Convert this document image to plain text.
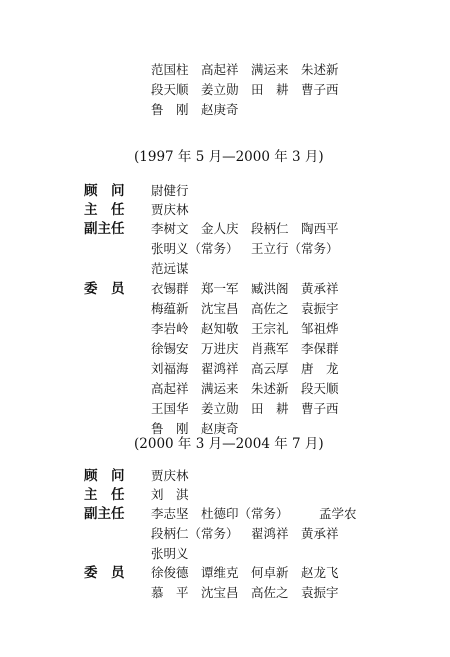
范国柱 高起祥 满运来 朱述新
段天顺 姜立勋 田　耕 曹子西
鲁　刚 赵庚奇
(1997 年 5 月—2000 年 3 月)
顾　问 尉健行
主　任 贾庆林
副主任 李树文 金人庆 段柄仁 陶西平
张明义（常务） 王立行（常务）
范远谋
委　员 衣锡群 郑一军 臧洪阁 黄承祥
梅蕴新 沈宝昌 高佐之 袁振宇
李岩岭 赵知敬 王宗礼 邹祖烨
徐锡安 万进庆 肖燕军 李保群
刘福海 翟鸿祥 高云厚 唐　龙
高起祥 满运来 朱述新 段天顺
王国华 姜立勋 田　耕 曹子西
鲁　刚 赵庚奇
(2000 年 3 月—2004 年 7 月)
顾　问 贾庆林
主　任 刘　淇
副主任 李志坚 杜德印（常务） 孟学农
段柄仁（常务） 翟鸿祥 黄承祥
张明义
委　员 徐俊德 谭维克 何卓新 赵龙飞
慕　平 沈宝昌 高佐之 袁振宇
